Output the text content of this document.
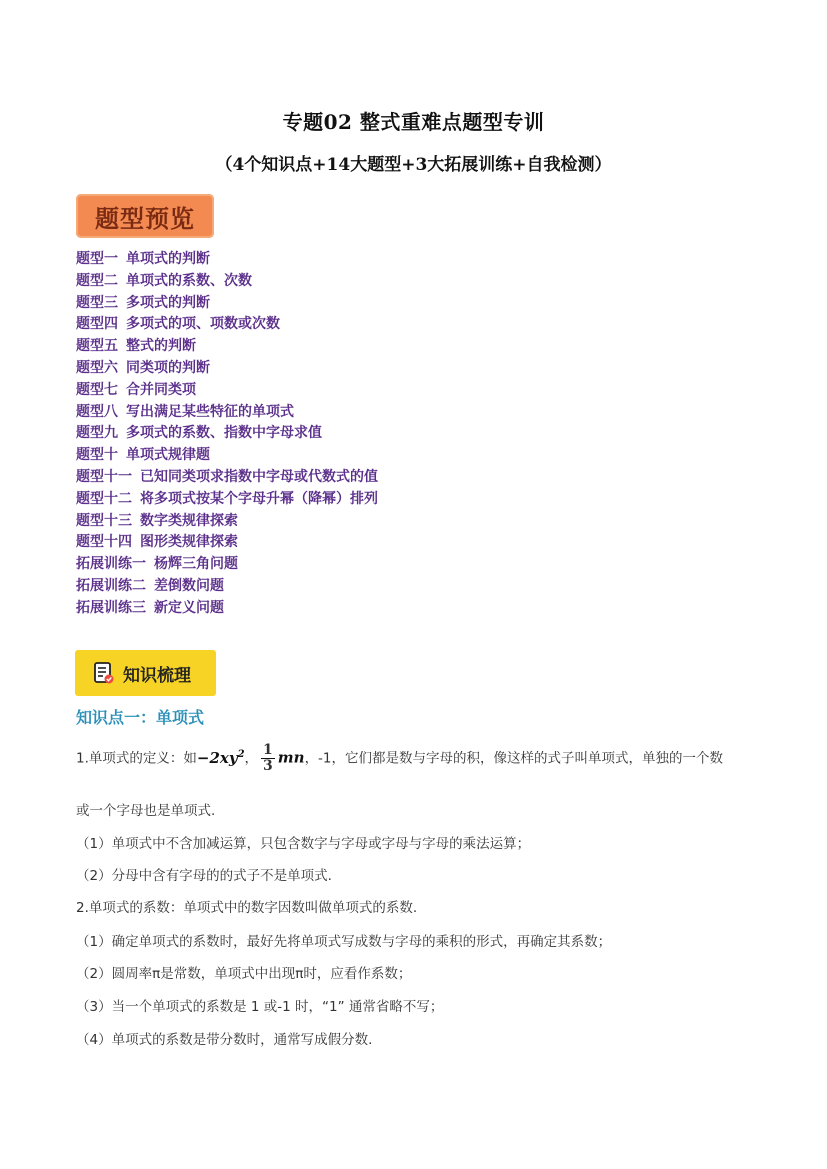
专题02 整式重难点题型专训
（4个知识点+14大题型+3大拓展训练+自我检测）
题型预览
题型一 单项式的判断
题型二 单项式的系数、次数
题型三 多项式的判断
题型四 多项式的项、项数或次数
题型五 整式的判断
题型六 同类项的判断
题型七 合并同类项
题型八 写出满足某些特征的单项式
题型九 多项式的系数、指数中字母求值
题型十 单项式规律题
题型十一 已知同类项求指数中字母或代数式的值
题型十二 将多项式按某个字母升幂（降幂）排列
题型十三 数字类规律探索
题型十四 图形类规律探索
拓展训练一 杨辉三角问题
拓展训练二 差倒数问题
拓展训练三 新定义问题
知识梳理
知识点一：单项式
1.单项式的定义：如$-2xy^2$， $\frac{1}{3}$ mn，-1，它们都是数与字母的积，像这样的式子叫单项式，单独的一个数
或一个字母也是单项式.
（1）单项式中不含加减运算，只包含数字与字母或字母与字母的乘法运算；
（2）分母中含有字母的的式子不是单项式.
2.单项式的系数：单项式中的数字因数叫做单项式的系数.
（1）确定单项式的系数时，最好先将单项式写成数与字母的乘积的形式，再确定其系数；
（2）圆周率π是常数，单项式中出现π时，应看作系数；
（3）当一个单项式的系数是 1 或-1 时，“1” 通常省略不写；
（4）单项式的系数是带分数时，通常写成假分数.
